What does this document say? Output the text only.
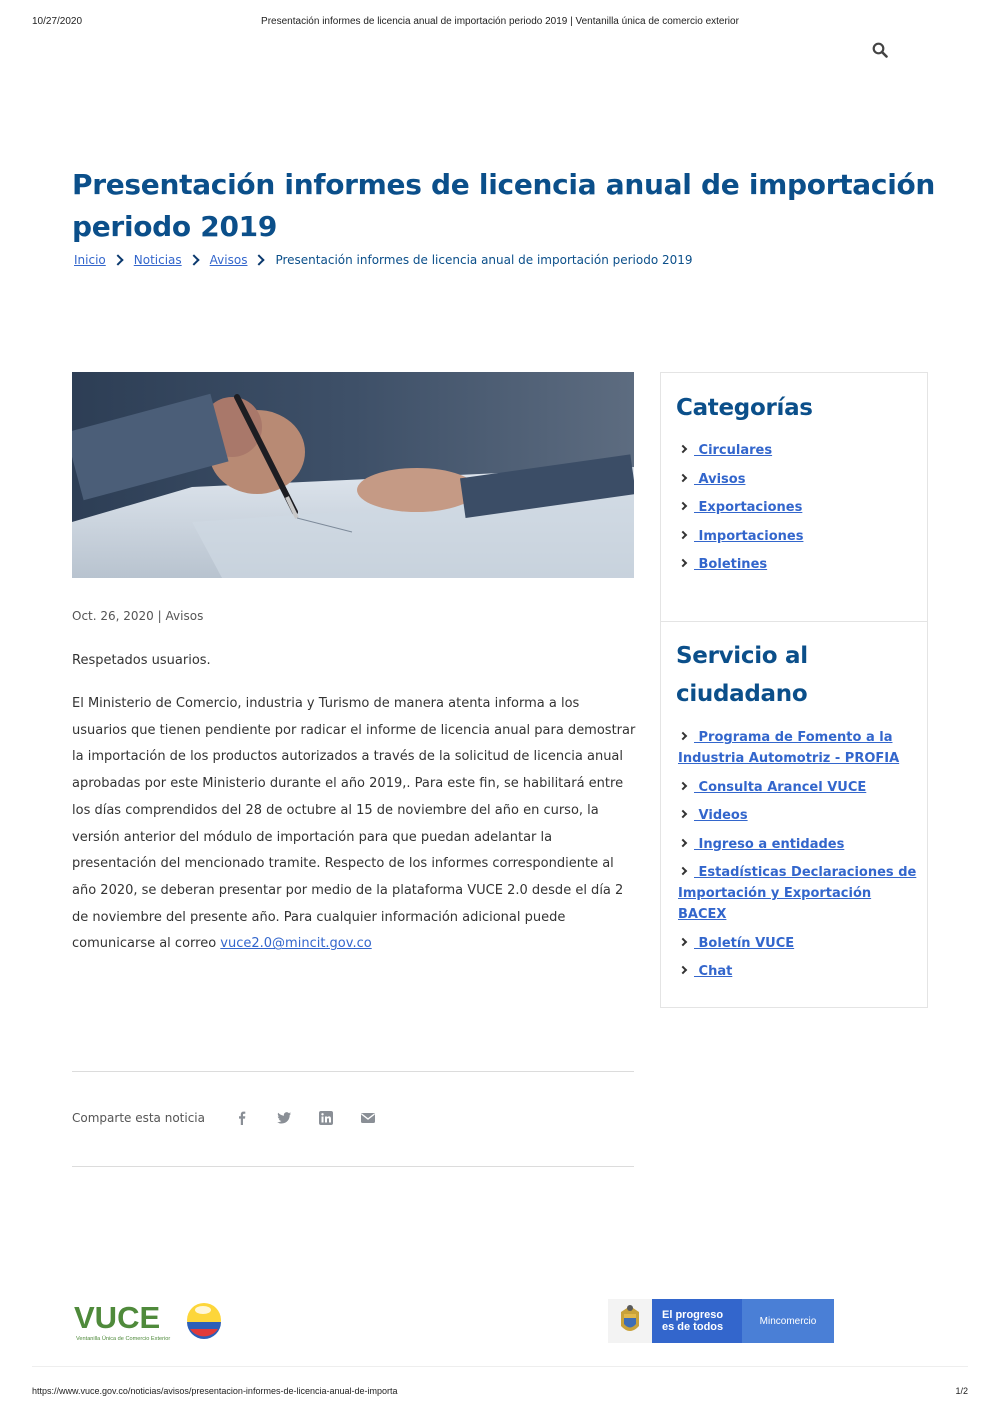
10/27/2020	Presentación informes de licencia anual de importación periodo 2019 | Ventanilla única de comercio exterior
Presentación informes de licencia anual de importación periodo 2019
Inicio Noticias Avisos Presentación informes de licencia anual de importación periodo 2019
Oct. 26, 2020 | Avisos

Respetados usuarios.

El Ministerio de Comercio, industria y Turismo de manera atenta informa a los usuarios que tienen pendiente por radicar el informe de licencia anual para demostrar la importación de los productos autorizados a través de la solicitud de licencia anual aprobadas por este Ministerio durante el año 2019,. Para este fin, se habilitará entre los días comprendidos del 28 de octubre al 15 de noviembre del año en curso, la versión anterior del módulo de importación para que puedan adelantar la presentación del mencionado tramite. Respecto de los informes correspondiente al año 2020, se deberan presentar por medio de la plataforma VUCE 2.0 desde el día 2 de noviembre del presente año. Para cualquier información adicional puede comunicarse al correo vuce2.0@mincit.gov.co

Comparte esta noticia
Categorías
Circulares
Avisos
Exportaciones
Importaciones
Boletines
Servicio al ciudadano
Programa de Fomento a la Industria Automotriz - PROFIA
Consulta Arancel VUCE
Videos
Ingreso a entidades
Estadísticas Declaraciones de Importación y Exportación BACEX
Boletín VUCE
Chat
VUCE
Ventanilla Única de Comercio Exterior
El progreso
es de todos	Mincomercio
https://www.vuce.gov.co/noticias/avisos/presentacion-informes-de-licencia-anual-de-importa	1/2
